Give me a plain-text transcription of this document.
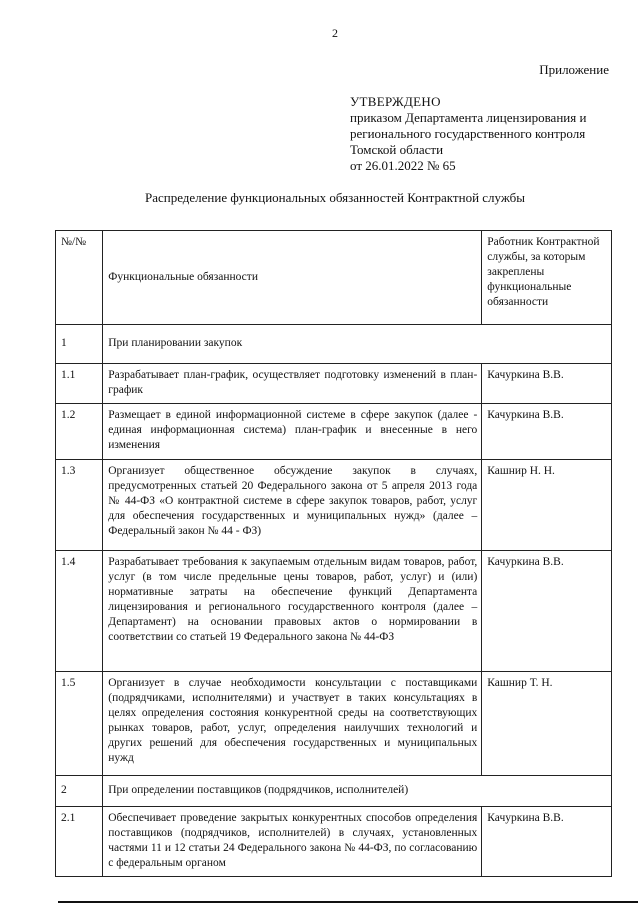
2
Приложение
УТВЕРЖДЕНО
приказом Департамента лицензирования и
регионального государственного контроля
Томской области
от 26.01.2022 № 65
Распределение функциональных обязанностей Контрактной службы
№/№	Функциональные обязанности	Работник Контрактной службы, за которым закреплены функциональные обязанности
1	При планировании закупок	
1.1	Разрабатывает план-график, осуществляет подготовку изменений в план-график	Качуркина В.В.
1.2	Размещает в единой информационной системе в сфере закупок (далее - единая информационная система) план-график и внесенные в него изменения	Качуркина В.В.
1.3	Организует общественное обсуждение закупок в случаях, предусмотренных статьей 20 Федерального закона от 5 апреля 2013 года № 44-ФЗ «О контрактной системе в сфере закупок товаров, работ, услуг для обеспечения государственных и муниципальных нужд» (далее – Федеральный закон № 44 - ФЗ)	Кашнир Н. Н.
1.4	Разрабатывает требования к закупаемым отдельным видам товаров, работ, услуг (в том числе предельные цены товаров, работ, услуг) и (или) нормативные затраты на обеспечение функций Департамента лицензирования и регионального государственного контроля (далее – Департамент) на основании правовых актов о нормировании в соответствии со статьей 19 Федерального закона № 44-ФЗ	Качуркина В.В.
1.5	Организует в случае необходимости консультации с поставщиками (подрядчиками, исполнителями) и участвует в таких консультациях в целях определения состояния конкурентной среды на соответствующих рынках товаров, работ, услуг, определения наилучших технологий и других решений для обеспечения государственных и муниципальных нужд	Кашнир Т. Н.
2	При определении поставщиков (подрядчиков, исполнителей)	
2.1	Обеспечивает проведение закрытых конкурентных способов определения поставщиков (подрядчиков, исполнителей) в случаях, установленных частями 11 и 12 статьи 24 Федерального закона № 44-ФЗ, по согласованию с федеральным органом	Качуркина В.В.
